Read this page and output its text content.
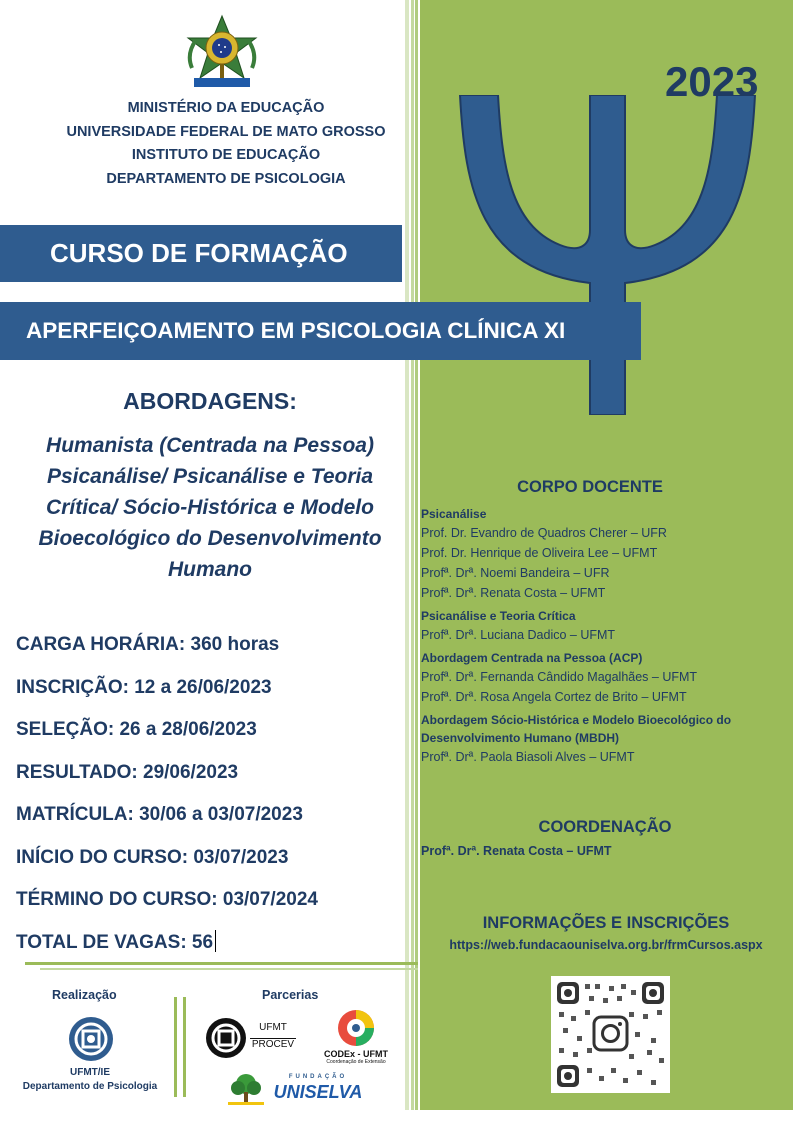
MINISTÉRIO DA EDUCAÇÃO
UNIVERSIDADE FEDERAL DE MATO GROSSO
INSTITUTO DE EDUCAÇÃO
DEPARTAMENTO DE PSICOLOGIA
2023
CURSO DE FORMAÇÃO
APERFEIÇOAMENTO EM PSICOLOGIA CLÍNICA XI
ABORDAGENS:
Humanista (Centrada na Pessoa)
Psicanálise/ Psicanálise e Teoria
Crítica/ Sócio-Histórica e Modelo
Bioecológico do Desenvolvimento
Humano
CARGA HORÁRIA: 360 horas
INSCRIÇÃO: 12 a 26/06/2023
SELEÇÃO: 26 a 28/06/2023
RESULTADO: 29/06/2023
MATRÍCULA: 30/06 a 03/07/2023
INÍCIO DO CURSO: 03/07/2023
TÉRMINO DO CURSO: 03/07/2024
TOTAL DE VAGAS: 56
CORPO DOCENTE
Psicanálise
Prof. Dr. Evandro de Quadros Cherer – UFR
Prof. Dr. Henrique de Oliveira Lee – UFMT
Profª. Drª. Noemi Bandeira – UFR
Profª. Drª. Renata Costa – UFMT
Psicanálise e Teoria Crítica
Profª. Drª. Luciana Dadico – UFMT
Abordagem Centrada na Pessoa (ACP)
Profª. Drª. Fernanda Cândido Magalhães – UFMT
Profª. Drª. Rosa Angela Cortez de Brito – UFMT
Abordagem Sócio-Histórica e Modelo Bioecológico do
Desenvolvimento Humano (MBDH)
Profª. Drª. Paola Biasoli Alves – UFMT
COORDENAÇÃO
Profª. Drª. Renata Costa – UFMT
INFORMAÇÕES E INSCRIÇÕES
https://web.fundacaouniselva.org.br/frmCursos.aspx
Realização	Parcerias
UFMT/IE
Departamento de Psicologia
UFMT
PROCEV
CODEx - UFMT
Coordenação de Extensão
FUNDAÇÃO
UNISELVA
